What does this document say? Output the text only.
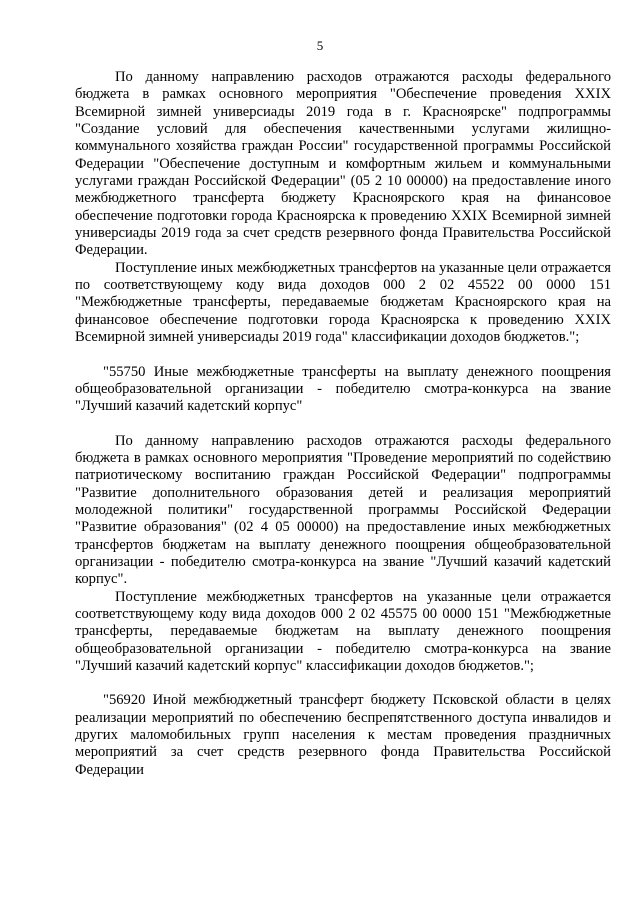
5

По данному направлению расходов отражаются расходы федерального бюджета в рамках основного мероприятия "Обеспечение проведения XXIX Всемирной зимней универсиады 2019 года в г. Красноярске" подпрограммы "Создание условий для обеспечения качественными услугами жилищно-коммунального хозяйства граждан России" государственной программы Российской Федерации "Обеспечение доступным и комфортным жильем и коммунальными услугами граждан Российской Федерации" (05 2 10 00000) на предоставление иного межбюджетного трансферта бюджету Красноярского края на финансовое обеспечение подготовки города Красноярска к проведению XXIX Всемирной зимней универсиады 2019 года за счет средств резервного фонда Правительства Российской Федерации.

Поступление иных межбюджетных трансфертов на указанные цели отражается по соответствующему коду вида доходов 000 2 02 45522 00 0000 151 "Межбюджетные трансферты, передаваемые бюджетам Красноярского края на финансовое обеспечение подготовки города Красноярска к проведению XXIX Всемирной зимней универсиады 2019 года" классификации доходов бюджетов.";

"55750 Иные межбюджетные трансферты на выплату денежного поощрения общеобразовательной организации - победителю смотра-конкурса на звание "Лучший казачий кадетский корпус"

По данному направлению расходов отражаются расходы федерального бюджета в рамках основного мероприятия "Проведение мероприятий по содействию патриотическому воспитанию граждан Российской Федерации" подпрограммы "Развитие дополнительного образования детей и реализация мероприятий молодежной политики" государственной программы Российской Федерации "Развитие образования" (02 4 05 00000) на предоставление иных межбюджетных трансфертов бюджетам на выплату денежного поощрения общеобразовательной организации - победителю смотра-конкурса на звание "Лучший казачий кадетский корпус".

Поступление межбюджетных трансфертов на указанные цели отражается соответствующему коду вида доходов 000 2 02 45575 00 0000 151 "Межбюджетные трансферты, передаваемые бюджетам на выплату денежного поощрения общеобразовательной организации - победителю смотра-конкурса на звание "Лучший казачий кадетский корпус" классификации доходов бюджетов.";

"56920 Иной межбюджетный трансферт бюджету Псковской области в целях реализации мероприятий по обеспечению беспрепятственного доступа инвалидов и других маломобильных групп населения к местам проведения праздничных мероприятий за счет средств резервного фонда Правительства Российской Федерации
